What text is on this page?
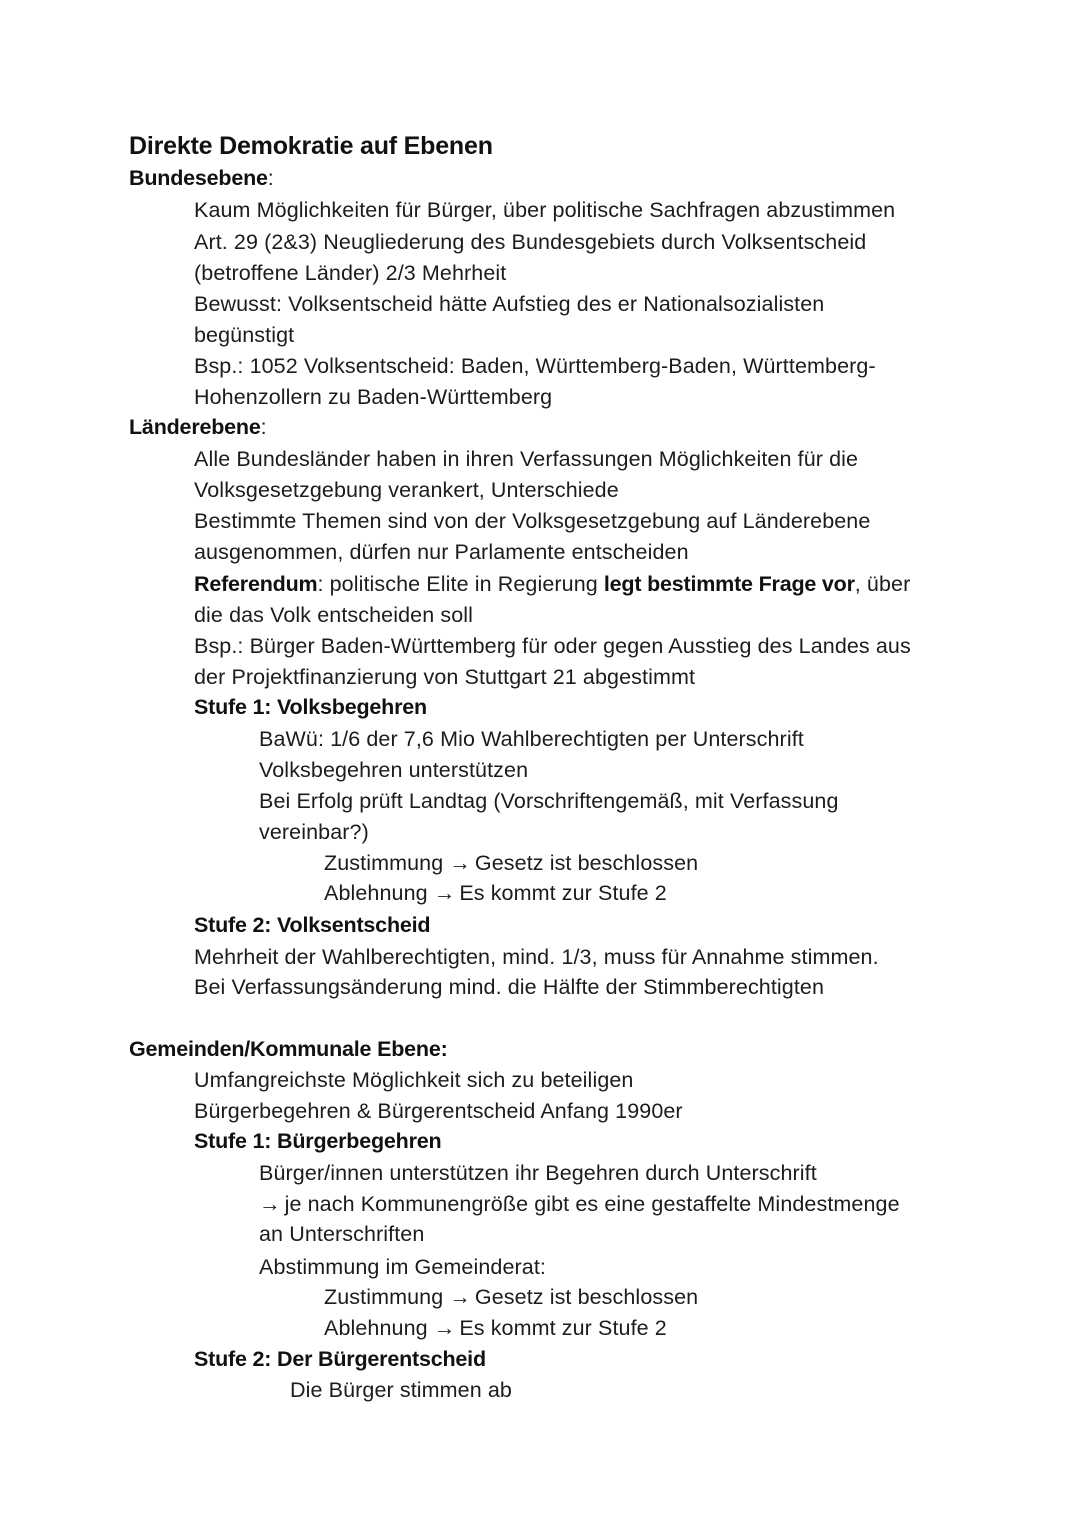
Direkte Demokratie auf Ebenen
Bundesebene:
Kaum Möglichkeiten für Bürger, über politische Sachfragen abzustimmen
Art. 29 (2&3) Neugliederung des Bundesgebiets durch Volksentscheid
(betroffene Länder) 2/3 Mehrheit
Bewusst: Volksentscheid hätte Aufstieg des er Nationalsozialisten
begünstigt
Bsp.: 1052 Volksentscheid: Baden, Württemberg-Baden, Württemberg-
Hohenzollern zu Baden-Württemberg
Länderebene:
Alle Bundesländer haben in ihren Verfassungen Möglichkeiten für die
Volksgesetzgebung verankert, Unterschiede
Bestimmte Themen sind von der Volksgesetzgebung auf Länderebene
ausgenommen, dürfen nur Parlamente entscheiden
Referendum: politische Elite in Regierung legt bestimmte Frage vor, über
die das Volk entscheiden soll
Bsp.: Bürger Baden-Württemberg für oder gegen Ausstieg des Landes aus
der Projektfinanzierung von Stuttgart 21 abgestimmt
Stufe 1: Volksbegehren
BaWü: 1/6 der 7,6 Mio Wahlberechtigten per Unterschrift
Volksbegehren unterstützen
Bei Erfolg prüft Landtag (Vorschriftengemäß, mit Verfassung
vereinbar?)
Zustimmung → Gesetz ist beschlossen
Ablehnung → Es kommt zur Stufe 2
Stufe 2: Volksentscheid
Mehrheit der Wahlberechtigten, mind. 1/3, muss für Annahme stimmen.
Bei Verfassungsänderung mind. die Hälfte der Stimmberechtigten
Gemeinden/Kommunale Ebene:
Umfangreichste Möglichkeit sich zu beteiligen
Bürgerbegehren & Bürgerentscheid Anfang 1990er
Stufe 1: Bürgerbegehren
Bürger/innen unterstützen ihr Begehren durch Unterschrift
→ je nach Kommunengröße gibt es eine gestaffelte Mindestmenge
an Unterschriften
Abstimmung im Gemeinderat:
Zustimmung → Gesetz ist beschlossen
Ablehnung → Es kommt zur Stufe 2
Stufe 2: Der Bürgerentscheid
Die Bürger stimmen ab
